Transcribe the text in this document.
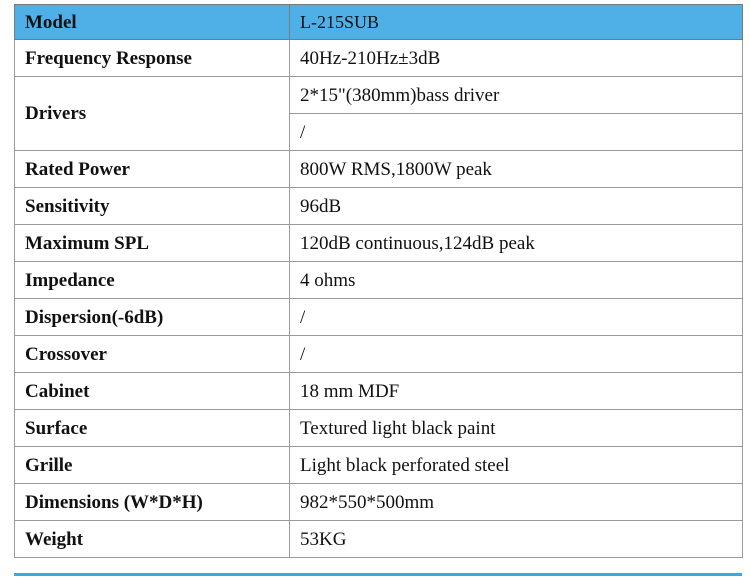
Model	L-215SUB
Frequency Response	40Hz-210Hz±3dB
Drivers	2*15"(380mm)bass driver
	/
Rated Power	800W RMS,1800W peak
Sensitivity	96dB
Maximum SPL	120dB continuous,124dB peak
Impedance	4 ohms
Dispersion(-6dB)	/
Crossover	/
Cabinet	18 mm MDF
Surface	Textured light black paint
Grille	Light black perforated steel
Dimensions (W*D*H)	982*550*500mm
Weight	53KG
